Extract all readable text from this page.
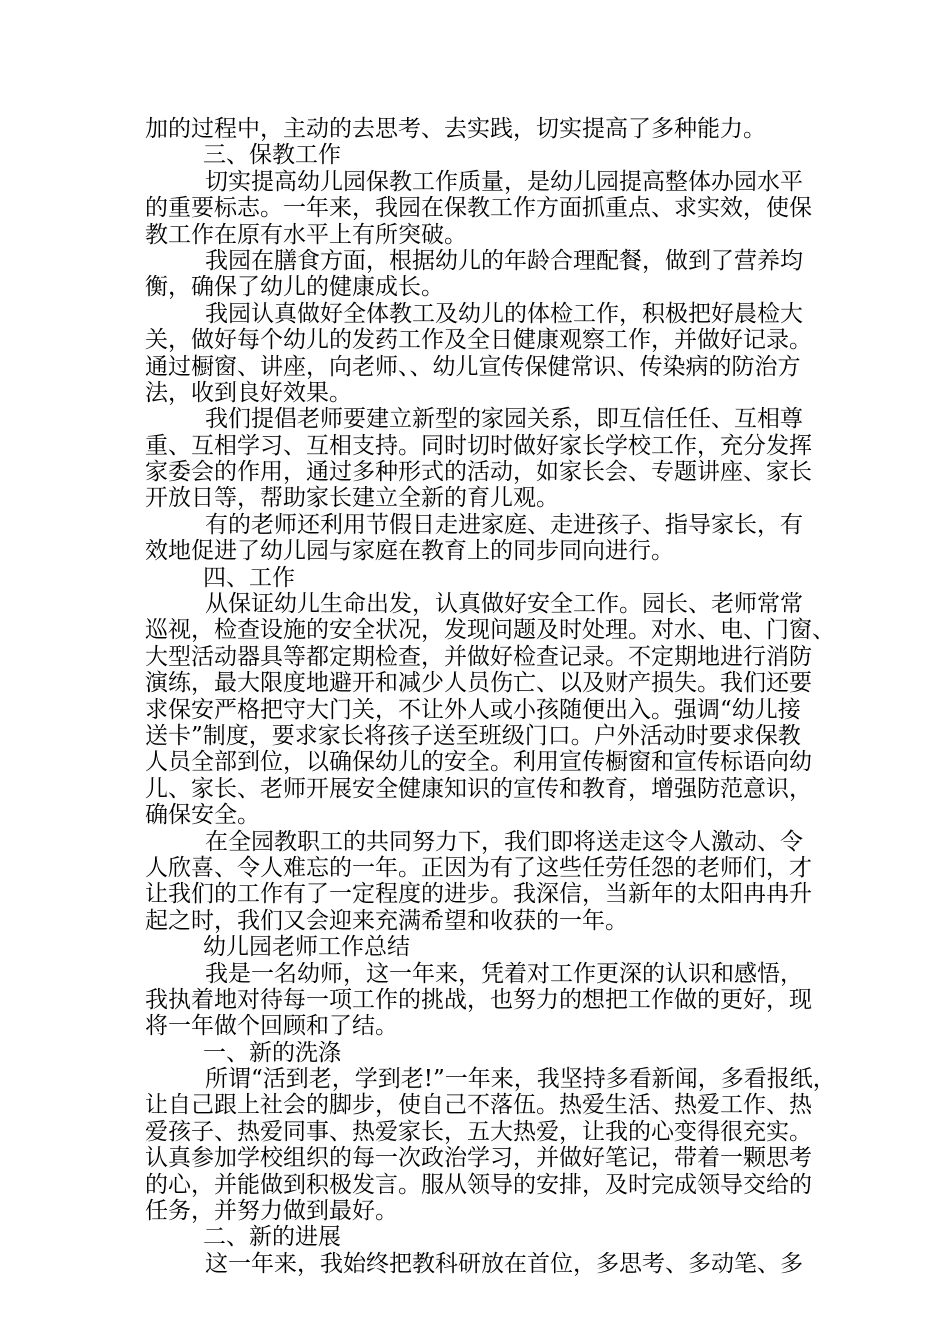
加的过程中，主动的去思考、去实践，切实提高了多种能力。
三、保教工作
切实提高幼儿园保教工作质量，是幼儿园提高整体办园水平
的重要标志。一年来，我园在保教工作方面抓重点、求实效，使保
教工作在原有水平上有所突破。
我园在膳食方面，根据幼儿的年龄合理配餐，做到了营养均
衡，确保了幼儿的健康成长。
我园认真做好全体教工及幼儿的体检工作，积极把好晨检大
关，做好每个幼儿的发药工作及全日健康观察工作，并做好记录。
通过橱窗、讲座，向老师、、幼儿宣传保健常识、传染病的防治方
法，收到良好效果。
我们提倡老师要建立新型的家园关系，即互信任任、互相尊
重、互相学习、互相支持。同时切时做好家长学校工作，充分发挥
家委会的作用，通过多种形式的活动，如家长会、专题讲座、家长
开放日等，帮助家长建立全新的育儿观。
有的老师还利用节假日走进家庭、走进孩子、指导家长，有
效地促进了幼儿园与家庭在教育上的同步同向进行。
四、工作
从保证幼儿生命出发，认真做好安全工作。园长、老师常常
巡视，检查设施的安全状况，发现问题及时处理。对水、电、门窗、
大型活动器具等都定期检查，并做好检查记录。不定期地进行消防
演练，最大限度地避开和减少人员伤亡、以及财产损失。我们还要
求保安严格把守大门关，不让外人或小孩随便出入。强调“幼儿接
送卡”制度，要求家长将孩子送至班级门口。户外活动时要求保教
人员全部到位，以确保幼儿的安全。利用宣传橱窗和宣传标语向幼
儿、家长、老师开展安全健康知识的宣传和教育，增强防范意识，
确保安全。
在全园教职工的共同努力下，我们即将送走这令人激动、令
人欣喜、令人难忘的一年。正因为有了这些任劳任怨的老师们，才
让我们的工作有了一定程度的进步。我深信，当新年的太阳冉冉升
起之时，我们又会迎来充满希望和收获的一年。
幼儿园老师工作总结
我是一名幼师，这一年来，凭着对工作更深的认识和感悟，
我执着地对待每一项工作的挑战，也努力的想把工作做的更好，现
将一年做个回顾和了结。
一、新的洗涤
所谓“活到老，学到老!”一年来，我坚持多看新闻，多看报纸，
让自己跟上社会的脚步，使自己不落伍。热爱生活、热爱工作、热
爱孩子、热爱同事、热爱家长，五大热爱，让我的心变得很充实。
认真参加学校组织的每一次政治学习，并做好笔记，带着一颗思考
的心，并能做到积极发言。服从领导的安排，及时完成领导交给的
任务，并努力做到最好。
二、新的进展
这一年来，我始终把教科研放在首位，多思考、多动笔、多
